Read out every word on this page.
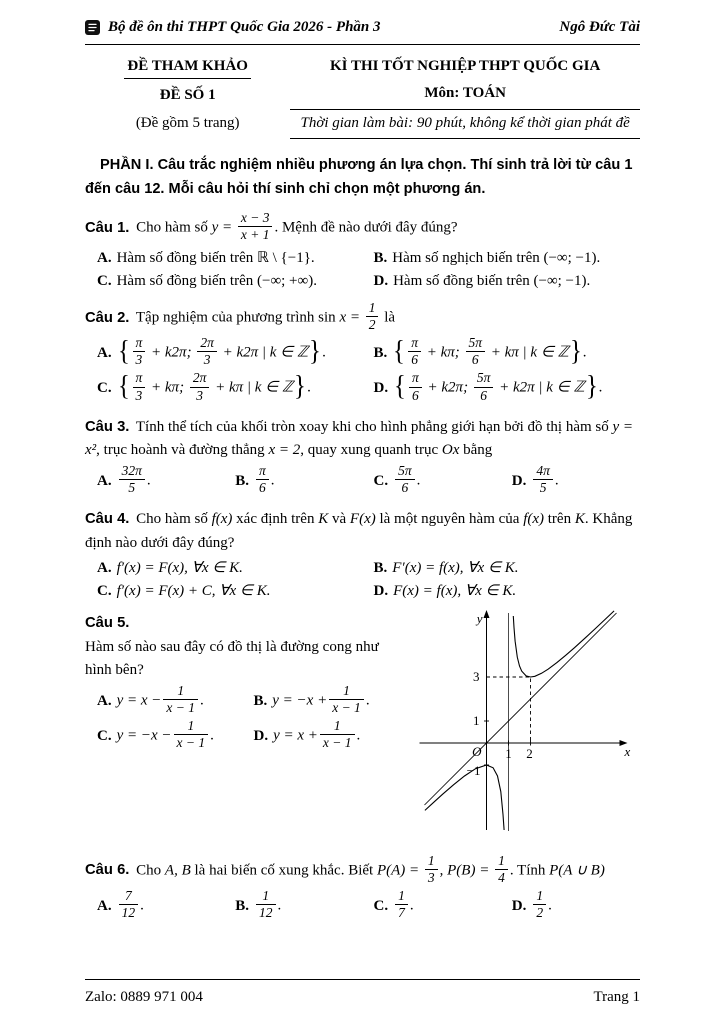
Bộ đề ôn thi THPT Quốc Gia 2026 - Phần 3	Ngô Đức Tài
ĐỀ THAM KHẢO
ĐỀ SỐ 1
(Đề gồm 5 trang)
KÌ THI TỐT NGHIỆP THPT QUỐC GIA
Môn: TOÁN
Thời gian làm bài: 90 phút, không kể thời gian phát đề

PHẦN I. Câu trắc nghiệm nhiều phương án lựa chọn. Thí sinh trả lời từ câu 1 đến câu 12. Mỗi câu hỏi thí sinh chỉ chọn một phương án.

Câu 1. Cho hàm số $y = \frac{x - 3}{x + 1}$ . Mệnh đề nào dưới đây đúng?

A. Hàm số đồng biến trên ℝ \ {−1}.	B. Hàm số nghịch biến trên (−∞; −1).
C. Hàm số đồng biến trên (−∞; +∞).	D. Hàm số đồng biến trên (−∞; −1).

Câu 2. Tập nghiệm của phương trình $\sin x = \frac{1}{2}$ là

A. { $\frac{\pi}{3} + k2\pi$; $\frac{2\pi}{3} + k2\pi$ | k ∈ ℤ}.	B. { $\frac{\pi}{6} + k\pi$; $\frac{5\pi}{6} + k\pi$ | k ∈ ℤ}.
C. { $\frac{\pi}{3} + k\pi$; $\frac{2\pi}{3} + k\pi$ | k ∈ ℤ}.	D. { $\frac{\pi}{6} + k2\pi$; $\frac{5\pi}{6} + k2\pi$ | k ∈ ℤ}.

Câu 3. Tính thể tích của khối tròn xoay khi cho hình phẳng giới hạn bởi đồ thị hàm số y = x², trục hoành và đường thẳng x = 2, quay xung quanh trục Ox bằng

A. $\frac{32\pi}{5}$ .	B. $\frac{\pi}{6}$ .	C. $\frac{5\pi}{6}$ .	D. $\frac{4\pi}{5}$ .

Câu 4. Cho hàm số f(x) xác định trên K và F(x) là một nguyên hàm của f(x) trên K. Khẳng định nào dưới đây đúng?

A. f′(x) = F(x), ∀x ∈ K.	B. F′(x) = f(x), ∀x ∈ K.
C. f′(x) = F(x) + C, ∀x ∈ K.	D. F(x) = f(x), ∀x ∈ K.

Câu 5.

Hàm số nào sau đây có đồ thị là đường cong như hình bên?

A. $y = x - \frac{1}{x - 1}$ .	B. $y = -x + \frac{1}{x - 1}$ .
C. $y = -x - \frac{1}{x - 1}$ .	D. $y = x + \frac{1}{x - 1}$ .
y
x
O 1 2
3
1
−1

Câu 6. Cho A, B là hai biến cố xung khắc. Biết $P(A) = \frac{1}{3}$ , $P(B) = \frac{1}{4}$ . Tính P(A ∪ B)

A. $\frac{7}{12}$ .	B. $\frac{1}{12}$ .	C. $\frac{1}{7}$ .	D. $\frac{1}{2}$ .
Zalo: 0889 971 004	Trang 1
